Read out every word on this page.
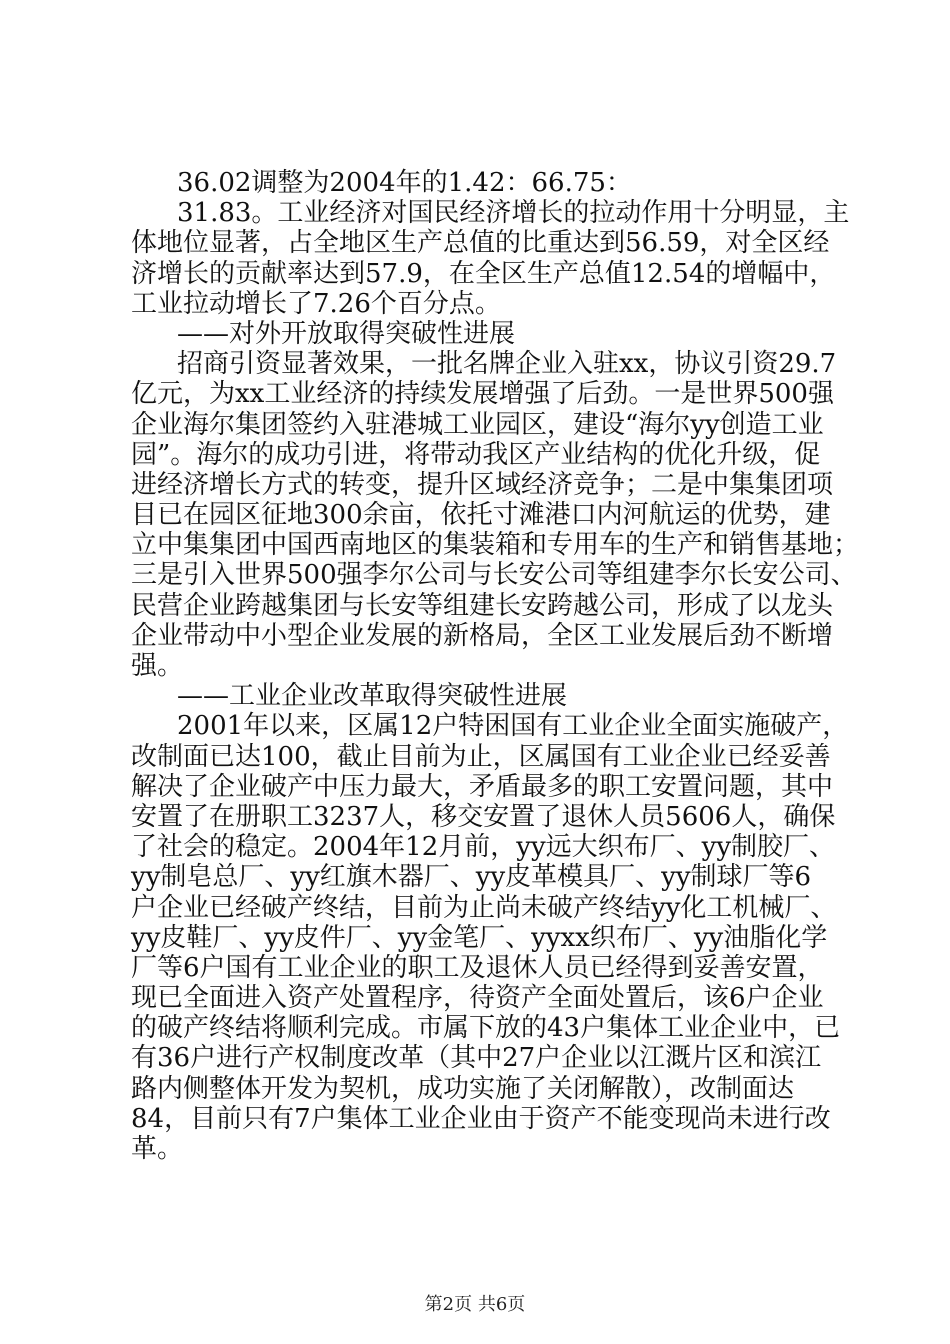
36.02调整为2004年的1.42：66.75：
31.83。工业经济对国民经济增长的拉动作用十分明显，主
体地位显著，占全地区生产总值的比重达到56.59，对全区经
济增长的贡献率达到57.9，在全区生产总值12.54的增幅中，
工业拉动增长了7.26个百分点。
——对外开放取得突破性进展
招商引资显著效果，一批名牌企业入驻xx，协议引资29.7
亿元，为xx工业经济的持续发展增强了后劲。一是世界500强
企业海尔集团签约入驻港城工业园区，建设“海尔yy创造工业
园”。海尔的成功引进，将带动我区产业结构的优化升级，促
进经济增长方式的转变，提升区域经济竞争；二是中集集团项
目已在园区征地300余亩，依托寸滩港口内河航运的优势，建
立中集集团中国西南地区的集装箱和专用车的生产和销售基地；
三是引入世界500强李尔公司与长安公司等组建李尔长安公司、
民营企业跨越集团与长安等组建长安跨越公司，形成了以龙头
企业带动中小型企业发展的新格局，全区工业发展后劲不断增
强。
——工业企业改革取得突破性进展
2001年以来，区属12户特困国有工业企业全面实施破产，
改制面已达100，截止目前为止，区属国有工业企业已经妥善
解决了企业破产中压力最大，矛盾最多的职工安置问题，其中
安置了在册职工3237人，移交安置了退休人员5606人，确保
了社会的稳定。2004年12月前，yy远大织布厂、yy制胶厂、
yy制皂总厂、yy红旗木器厂、yy皮革模具厂、yy制球厂等6
户企业已经破产终结，目前为止尚未破产终结yy化工机械厂、
yy皮鞋厂、yy皮件厂、yy金笔厂、yyxx织布厂、yy油脂化学
厂等6户国有工业企业的职工及退休人员已经得到妥善安置，
现已全面进入资产处置程序，待资产全面处置后，该6户企业
的破产终结将顺利完成。市属下放的43户集体工业企业中，已
有36户进行产权制度改革（其中27户企业以江溉片区和滨江
路内侧整体开发为契机，成功实施了关闭解散），改制面达
84，目前只有7户集体工业企业由于资产不能变现尚未进行改
革。
第2页 共6页
